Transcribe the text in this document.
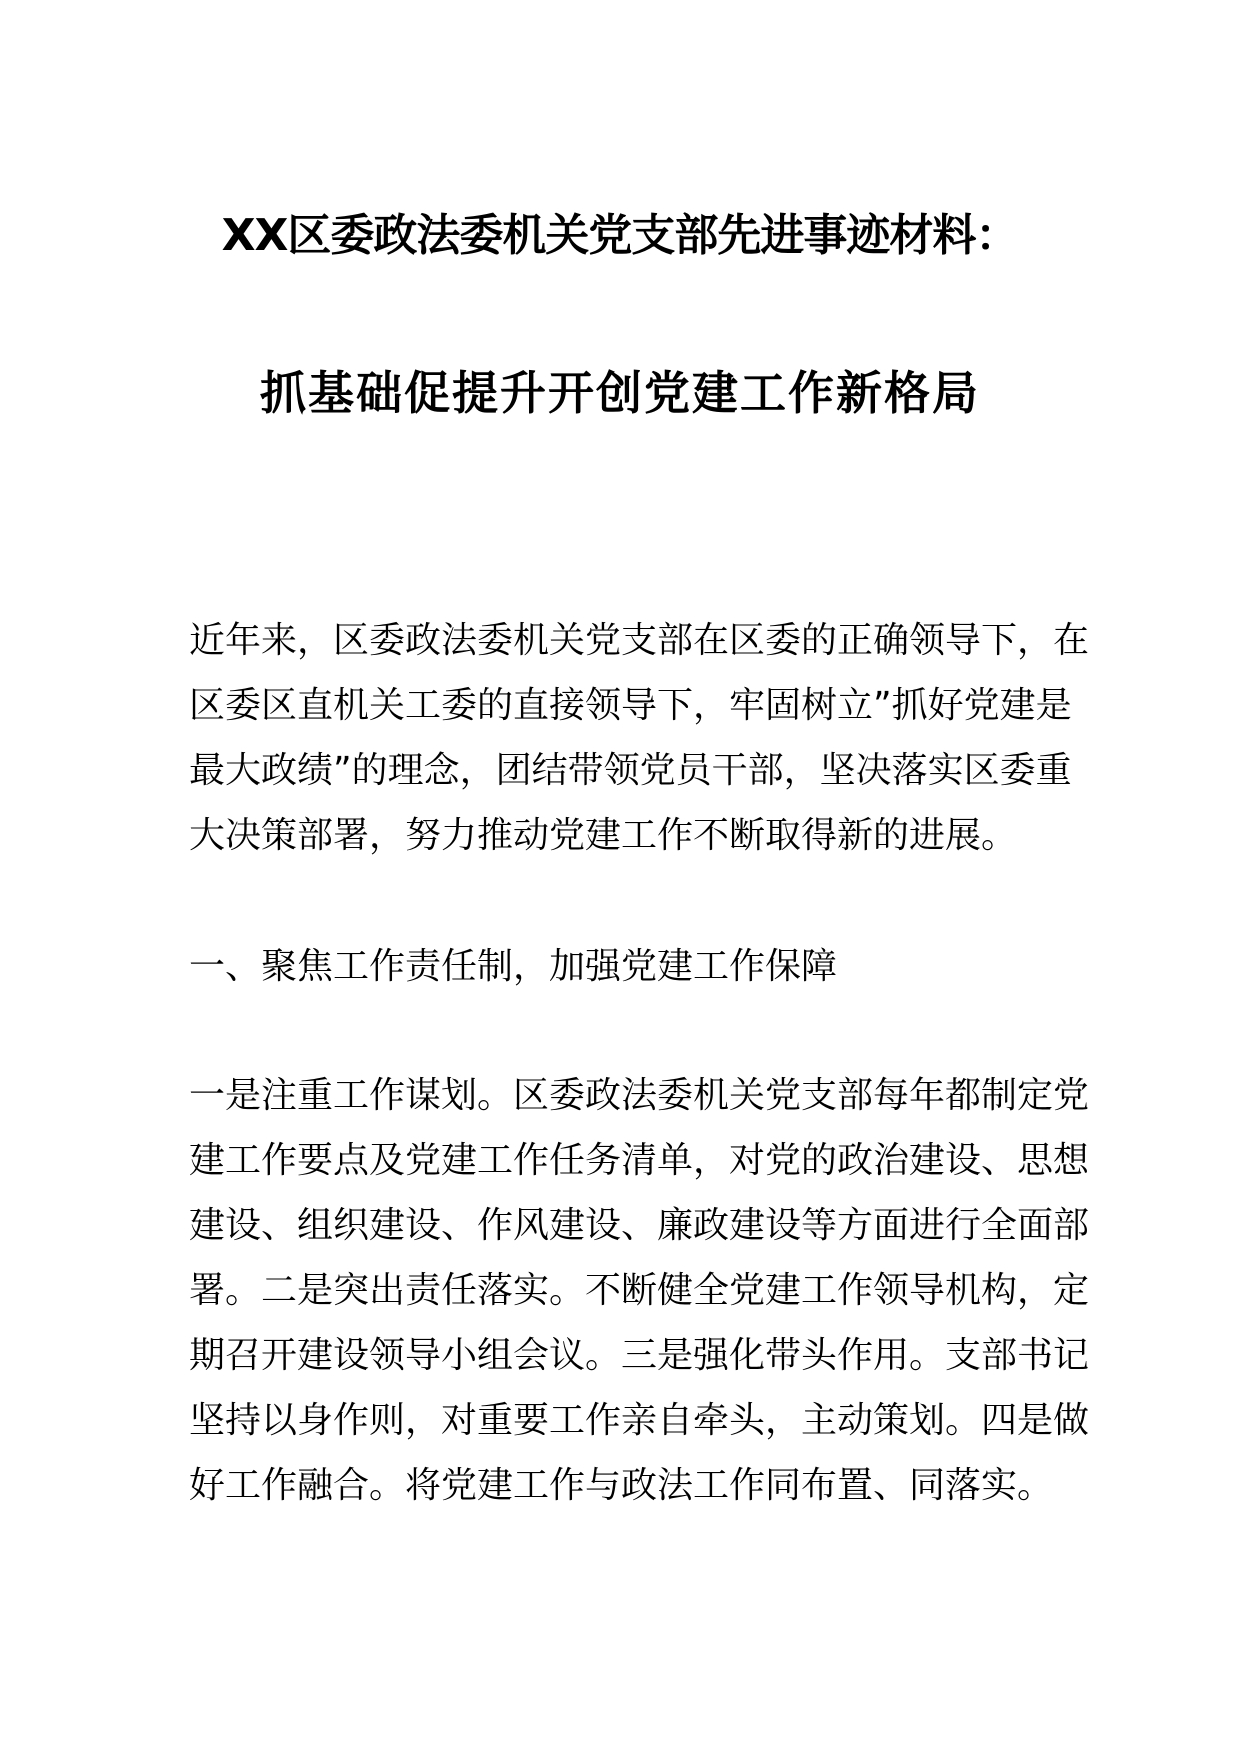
XX区委政法委机关党支部先进事迹材料：
抓基础促提升开创党建工作新格局
近年来，区委政法委机关党支部在区委的正确领导下，在
区委区直机关工委的直接领导下，牢固树立”抓好党建是
最大政绩”的理念，团结带领党员干部，坚决落实区委重
大决策部署，努力推动党建工作不断取得新的进展。
一、聚焦工作责任制，加强党建工作保障
一是注重工作谋划。区委政法委机关党支部每年都制定党
建工作要点及党建工作任务清单，对党的政治建设、思想
建设、组织建设、作风建设、廉政建设等方面进行全面部
署。二是突出责任落实。不断健全党建工作领导机构，定
期召开建设领导小组会议。三是强化带头作用。支部书记
坚持以身作则，对重要工作亲自牵头，主动策划。四是做
好工作融合。将党建工作与政法工作同布置、同落实。
